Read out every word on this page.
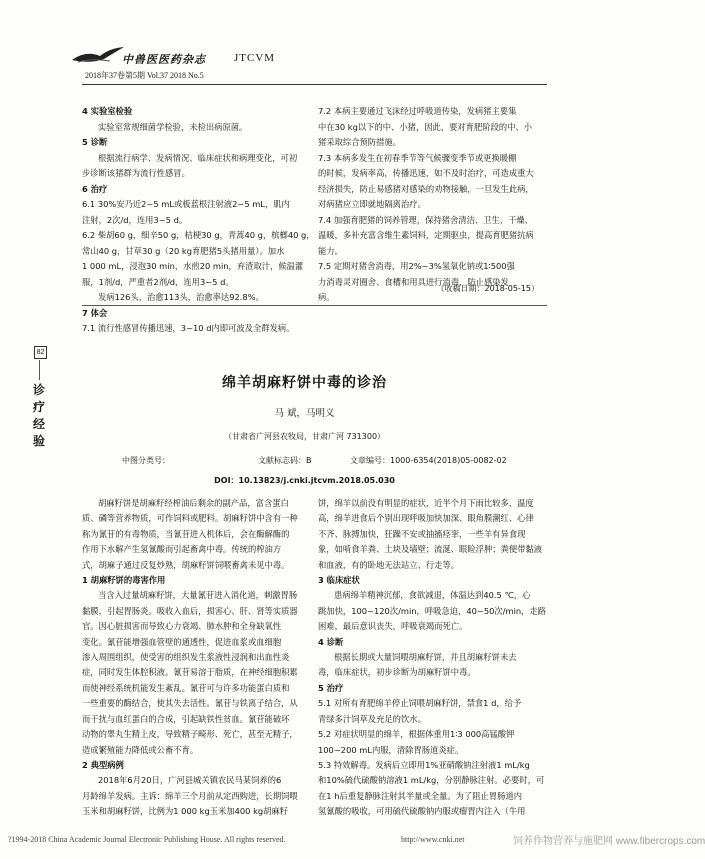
中兽医医药杂志	JTCVM
2018年37卷第5期 Vol.37 2018 No.5

4 实验室检验

实验室常规细菌学检验，未检出病原菌。

5 诊断

根据流行病学、发病情况、临床症状和病理变化，可初

步诊断该猪群为流行性感冒。

6 治疗

6.1 30%安乃近2~5 mL或板蓝根注射液2~5 mL，肌内

注射，2次/d，连用3~5 d。

6.2 柴胡60 g，细辛50 g，桔梗30 g，青蒿40 g，槟榔40 g，

常山40 g，甘草30 g（20 kg育肥猪5头猪用量）。加水

1 000 mL，浸泡30 min，水煎20 min，弃渣取汁，候温灌

服，1剂/d，严重者2剂/d，连用3~5 d。

发病126头，治愈113头，治愈率达92.8%。

7 体会

7.1 流行性感冒传播迅速，3~10 d内即可波及全群发病。

7.2 本病主要通过飞沫经过呼吸道传染，发病猪主要集

中在30 kg以下的中、小猪，因此，要对育肥阶段的中、小

猪采取综合预防措施。

7.3 本病多发生在初春季节等气候骤变季节或更换暖棚

的时候，发病率高，传播迅速，如不及时治疗，可造成重大

经济损失，防止易感猪对感染的劝物接触，一旦发生此病，

对病猪应立即就地隔离治疗。

7.4 加强育肥猪的饲养管理，保持猪舍清洁、卫生、干燥、

温暖，多补充富含维生素饲料，定期驱虫，提高育肥猪抗病

能力。

7.5 定期对猪舍消毒，用2%~3%氢氧化钠或1∶500强

力消毒灵对圈舍、食槽和用具进行消毒，防止感染发

病。

（收稿日期：2018-05-15）
82
诊
疗
经
验
绵羊胡麻籽饼中毒的诊治
马 斌，马明义
（甘肃省广河县农牧局，甘肃广河 731300）
中图分类号：	文献标志码：B	文章编号：1000-6354(2018)05-0082-02
DOI：10.13823/j.cnki.jtcvm.2018.05.030

胡麻籽饼是胡麻籽经榨油后剩余的副产品，富含蛋白

质、磷等营养物质，可作饲料或肥料。胡麻籽饼中含有一种

称为氰苷的有毒物质，当氰苷进入机体后，会在酶解酶的

作用下水解产生氢氰酸而引起畜禽中毒。传统的榨油方

式，胡麻子通过反复炒熟，胡麻籽饼饲喂畜禽未见中毒。

1 胡麻籽饼的毒害作用

当含入过量胡麻籽饼，大量氰苷进入消化道，刺激胃肠

黏膜，引起胃肠炎。吸收入血后，损害心、肝、肾等实质器

官。因心脏损害而导致心力衰竭、肺水肿和全身缺氧性

变化。氰苷能增强血管壁的通透性，促进血浆或血细胞

渗入周围组织，使受害的组织发生浆液性浸润和出血性炎

症，同时发生体腔积液。氰苷易溶于脂质，在神经细胞积累

而使神经系统机能发生紊乱。氰苷可与许多功能蛋白质和

一些重要的酶结合，使其失去活性。氰苷与铁离子结合，从

而干扰与血红蛋白的合成，引起缺铁性贫血。氰苷能破坏

动物的睾丸生精上皮，导致精子畸形、死亡，甚至无精子，

造成繁殖能力降低或公畜不育。

2 典型病例

2018年6月20日，广河县城关镇农民马某饲养的6

月龄绵羊发病。主诉：绵羊三个月前从定西购进，长期饲喂

玉米和胡麻籽饼，比例为1 000 kg玉米加400 kg胡麻籽

饼，绵羊以前没有明显的症状，近半个月下雨比较多，温度

高，绵羊进食后个别出现呼吸加快加深、眼角膜潮红、心律

不齐、脉搏加快，狂躁不安或抽搐痉挛，一些羊有异食现

象，如啃食羊粪、土块及墙壁；流涎、眼睑浮肿；粪便带黏液

和血液，有的卧地无法站立、行走等。

3 临床症状

患病绵羊精神沉郁，食欲减退，体温达到40.5 ℃，心

跳加快，100~120次/min，呼吸急迫，40~50次/min，走路

困难，最后意识丧失，呼吸衰竭而死亡。

4 诊断

根据长期或大量饲喂胡麻籽饼，并且胡麻籽饼未去

毒，临床症状，初步诊断为胡麻籽饼中毒。

5 治疗

5.1 对所有育肥绵羊停止饲喂胡麻籽饼，禁食1 d，给予

青绿多汁饲草及充足的饮水。

5.2 对症状明显的绵羊，根据体重用1∶3 000高锰酸钾

100~200 mL内服，清除胃肠道炎症。

5.3 特效解毒。发病后立即用1%亚硝酸钠注射液1 mL/kg

和10%硫代硫酸钠溶液1 mL/kg，分别静脉注射。必要时，可

在1 h后重复静脉注射其半量或全量。为了阻止胃肠道内

氢氰酸的吸收，可用硫代硫酸钠内服或瘤胃内注入（牛用

?1994-2018 China Academic Journal Electronic Publishing House. All rights reserved.	http://www.cnki.net	饲养作物营养与施肥网 www.fibercrops.com
